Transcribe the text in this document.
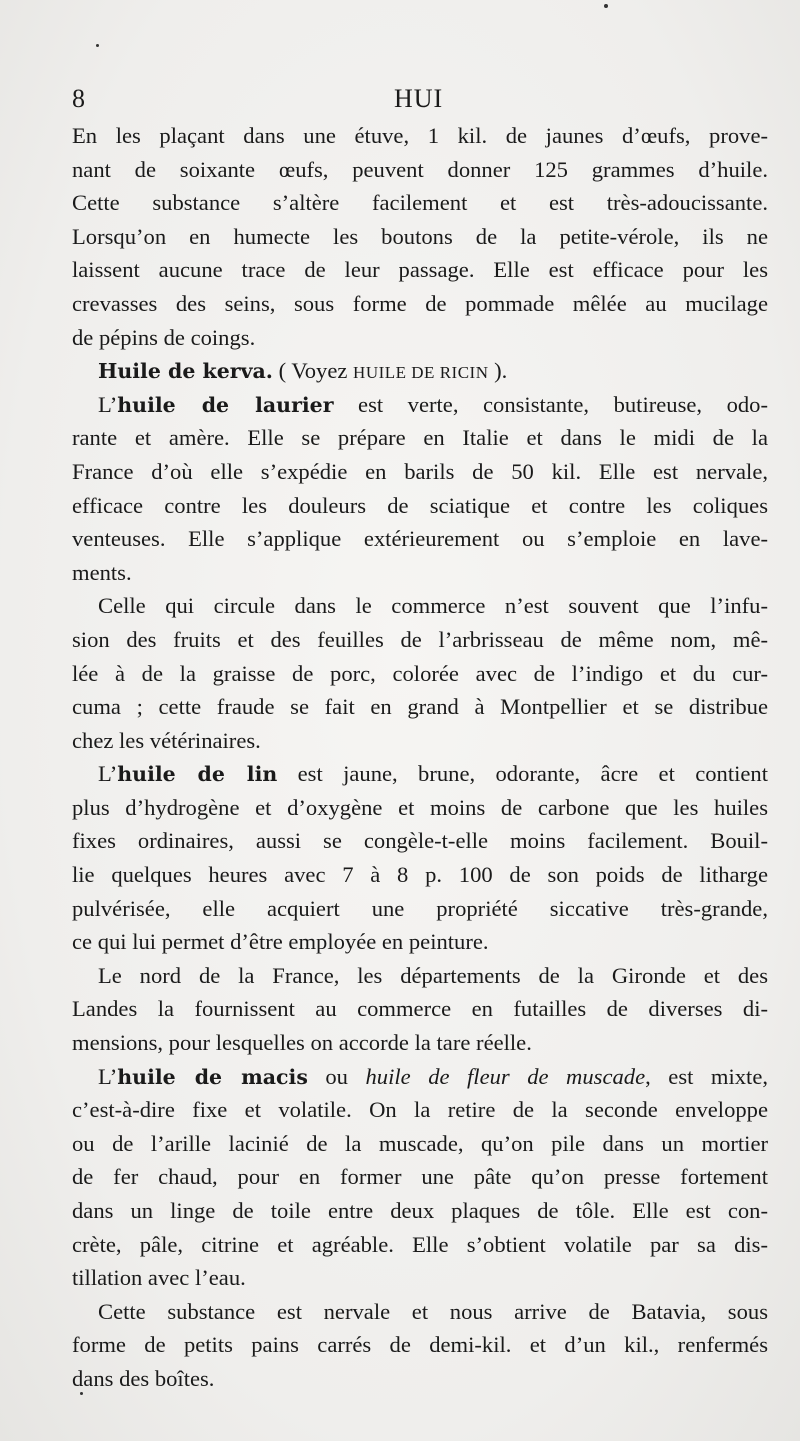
8	HUI
En les plaçant dans une étuve, 1 kil. de jaunes d’œufs, prove-
nant de soixante œufs, peuvent donner 125 grammes d’huile.
Cette substance s’altère facilement et est très-adoucissante.
Lorsqu’on en humecte les boutons de la petite-vérole, ils ne
laissent aucune trace de leur passage. Elle est efficace pour les
crevasses des seins, sous forme de pommade mêlée au mucilage
de pépins de coings.
Huile de kerva. ( Voyez HUILE DE RICIN ).
L’huile de laurier est verte, consistante, butireuse, odo-
rante et amère. Elle se prépare en Italie et dans le midi de la
France d’où elle s’expédie en barils de 50 kil. Elle est nervale,
efficace contre les douleurs de sciatique et contre les coliques
venteuses. Elle s’applique extérieurement ou s’emploie en lave-
ments.
Celle qui circule dans le commerce n’est souvent que l’infu-
sion des fruits et des feuilles de l’arbrisseau de même nom, mê-
lée à de la graisse de porc, colorée avec de l’indigo et du cur-
cuma ; cette fraude se fait en grand à Montpellier et se distribue
chez les vétérinaires.
L’huile de lin est jaune, brune, odorante, âcre et contient
plus d’hydrogène et d’oxygène et moins de carbone que les huiles
fixes ordinaires, aussi se congèle-t-elle moins facilement. Bouil-
lie quelques heures avec 7 à 8 p. 100 de son poids de litharge
pulvérisée, elle acquiert une propriété siccative très-grande,
ce qui lui permet d’être employée en peinture.
Le nord de la France, les départements de la Gironde et des
Landes la fournissent au commerce en futailles de diverses di-
mensions, pour lesquelles on accorde la tare réelle.
L’huile de macis ou huile de fleur de muscade, est mixte,
c’est-à-dire fixe et volatile. On la retire de la seconde enveloppe
ou de l’arille lacinié de la muscade, qu’on pile dans un mortier
de fer chaud, pour en former une pâte qu’on presse fortement
dans un linge de toile entre deux plaques de tôle. Elle est con-
crète, pâle, citrine et agréable. Elle s’obtient volatile par sa dis-
tillation avec l’eau.
Cette substance est nervale et nous arrive de Batavia, sous
forme de petits pains carrés de demi-kil. et d’un kil., renfermés
dans des boîtes.
